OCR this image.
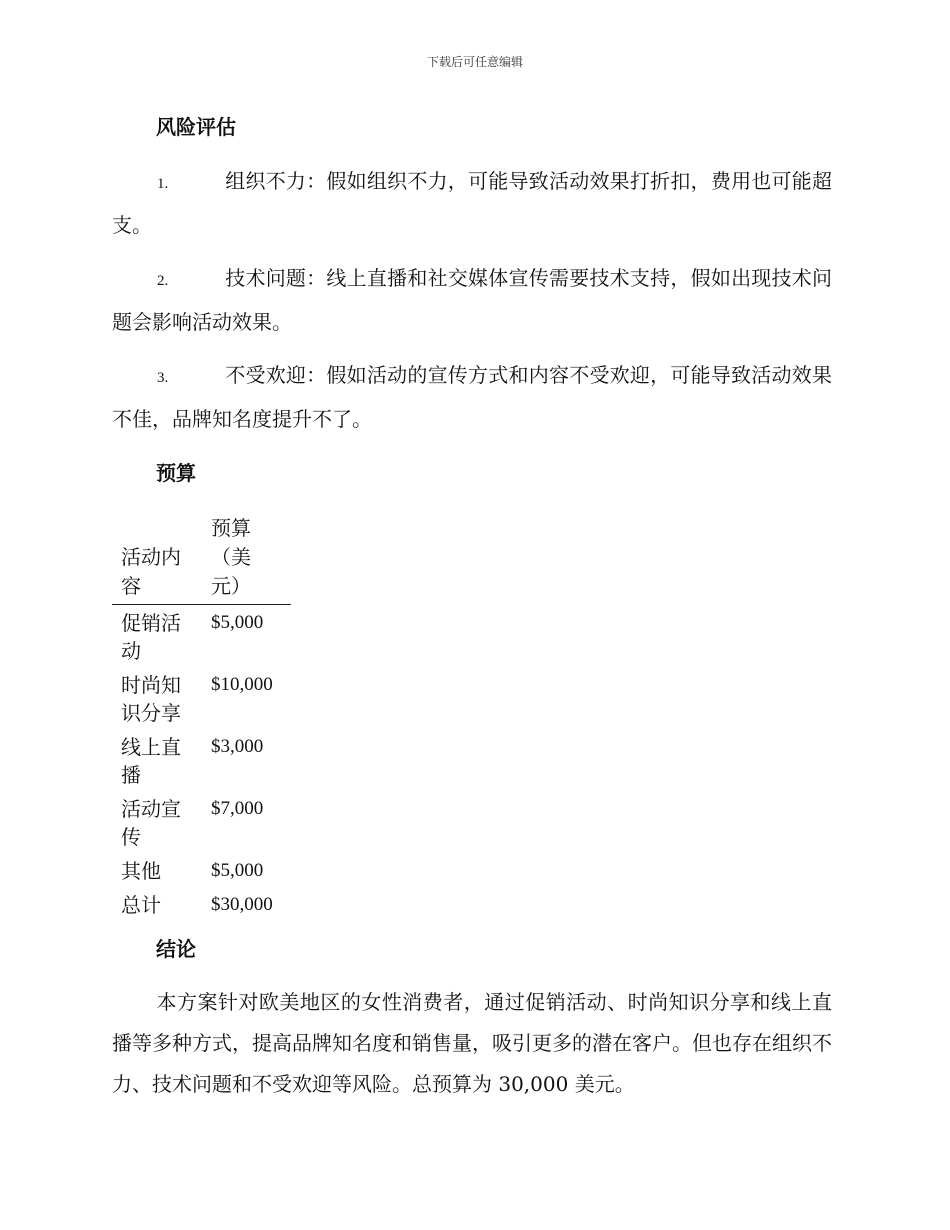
下载后可任意编辑
风险评估
1.	组织不力：假如组织不力，可能导致活动效果打折扣，费用也可能超支。
2.	技术问题：线上直播和社交媒体宣传需要技术支持，假如出现技术问题会影响活动效果。
3.	不受欢迎：假如活动的宣传方式和内容不受欢迎，可能导致活动效果不佳，品牌知名度提升不了。
预算
活动内容	预算（美元）

促销活动	$5,000

时尚知识分享	$10,000

线上直播	$3,000

活动宣传	$7,000

其他	$5,000

总计	$30,000
结论
本方案针对欧美地区的女性消费者，通过促销活动、时尚知识分享和线上直播等多种方式，提高品牌知名度和销售量，吸引更多的潜在客户。但也存在组织不力、技术问题和不受欢迎等风险。总预算为 30,000 美元。
